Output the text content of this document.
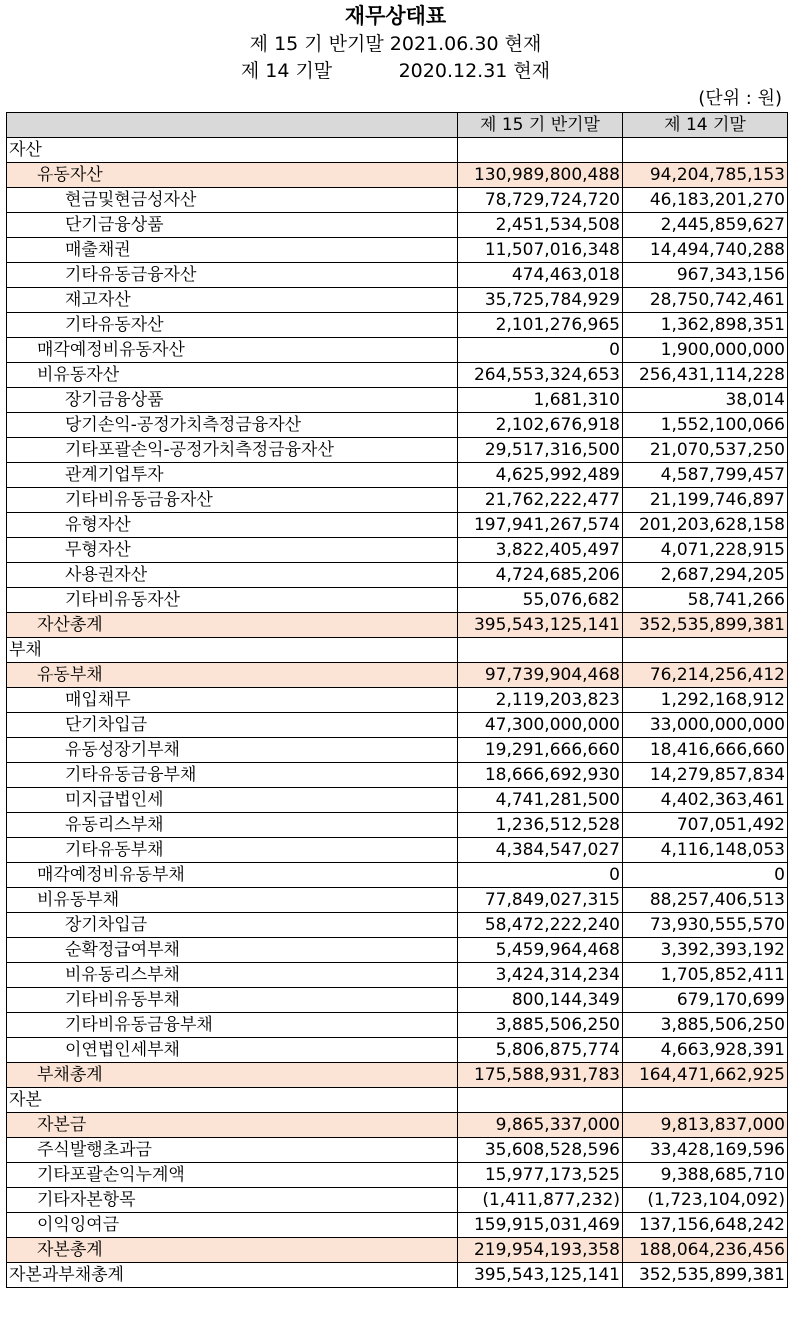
재무상태표
제 15 기 반기말 2021.06.30 현재
제 14 기말           2020.12.31 현재
(단위 : 원)
	제 15 기 반기말	제 14 기말
자산		
유동자산	130,989,800,488	94,204,785,153
현금및현금성자산	78,729,724,720	46,183,201,270
단기금융상품	2,451,534,508	2,445,859,627
매출채권	11,507,016,348	14,494,740,288
기타유동금융자산	474,463,018	967,343,156
재고자산	35,725,784,929	28,750,742,461
기타유동자산	2,101,276,965	1,362,898,351
매각예정비유동자산	0	1,900,000,000
비유동자산	264,553,324,653	256,431,114,228
장기금융상품	1,681,310	38,014
당기손익-공정가치측정금융자산	2,102,676,918	1,552,100,066
기타포괄손익-공정가치측정금융자산	29,517,316,500	21,070,537,250
관계기업투자	4,625,992,489	4,587,799,457
기타비유동금융자산	21,762,222,477	21,199,746,897
유형자산	197,941,267,574	201,203,628,158
무형자산	3,822,405,497	4,071,228,915
사용권자산	4,724,685,206	2,687,294,205
기타비유동자산	55,076,682	58,741,266
자산총계	395,543,125,141	352,535,899,381
부채		
유동부채	97,739,904,468	76,214,256,412
매입채무	2,119,203,823	1,292,168,912
단기차입금	47,300,000,000	33,000,000,000
유동성장기부채	19,291,666,660	18,416,666,660
기타유동금융부채	18,666,692,930	14,279,857,834
미지급법인세	4,741,281,500	4,402,363,461
유동리스부채	1,236,512,528	707,051,492
기타유동부채	4,384,547,027	4,116,148,053
매각예정비유동부채	0	0
비유동부채	77,849,027,315	88,257,406,513
장기차입금	58,472,222,240	73,930,555,570
순확정급여부채	5,459,964,468	3,392,393,192
비유동리스부채	3,424,314,234	1,705,852,411
기타비유동부채	800,144,349	679,170,699
기타비유동금융부채	3,885,506,250	3,885,506,250
이연법인세부채	5,806,875,774	4,663,928,391
부채총계	175,588,931,783	164,471,662,925
자본		
자본금	9,865,337,000	9,813,837,000
주식발행초과금	35,608,528,596	33,428,169,596
기타포괄손익누계액	15,977,173,525	9,388,685,710
기타자본항목	(1,411,877,232)	(1,723,104,092)
이익잉여금	159,915,031,469	137,156,648,242
자본총계	219,954,193,358	188,064,236,456
자본과부채총계	395,543,125,141	352,535,899,381
